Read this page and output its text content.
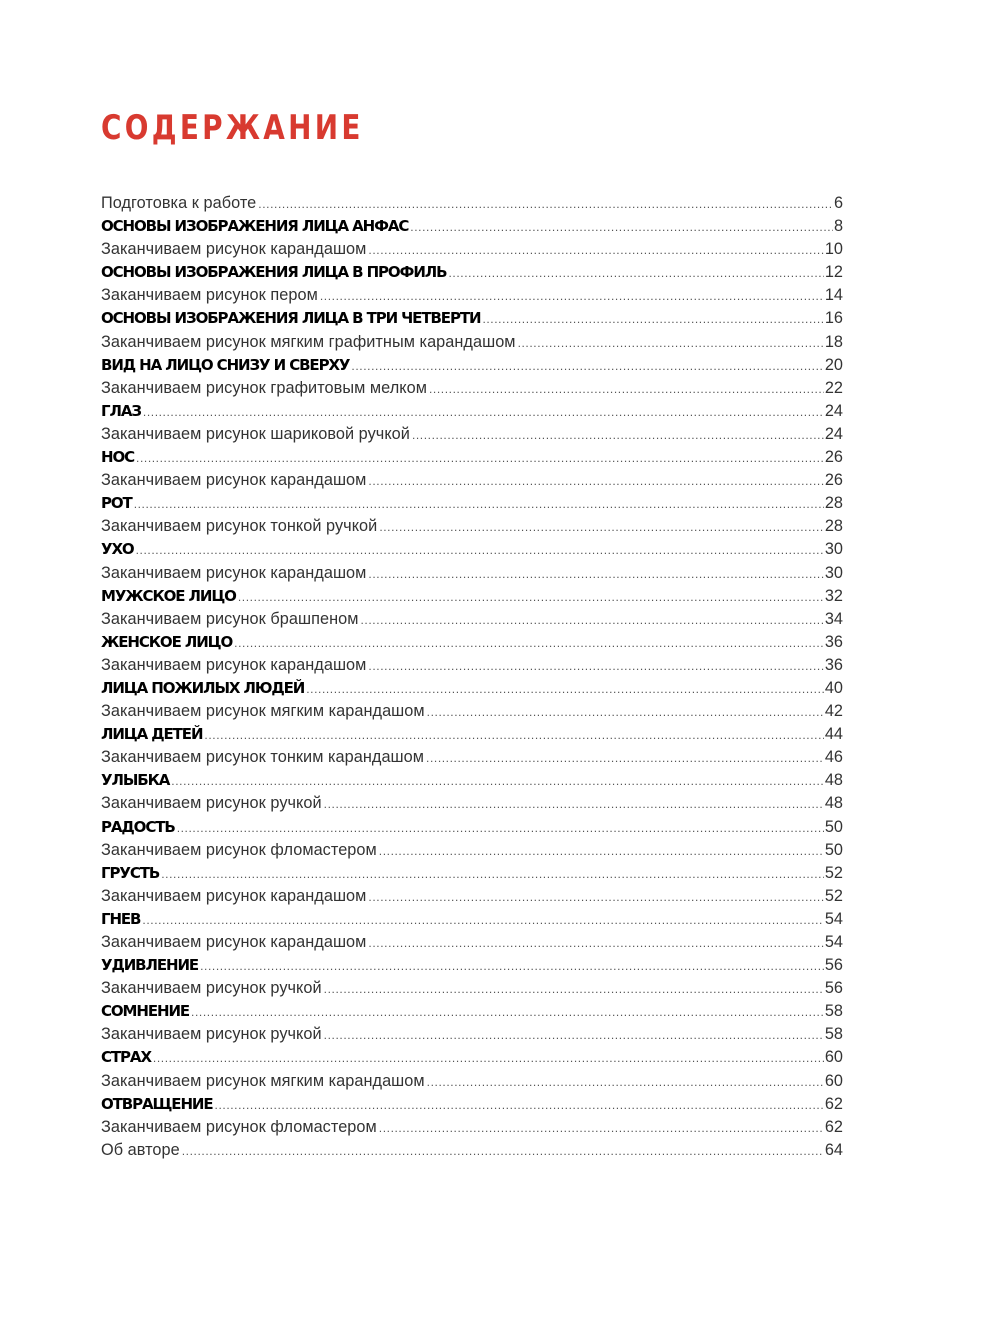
СОДЕРЖАНИЕ
Подготовка к работе .....	6
ОСНОВЫ ИЗОБРАЖЕНИЯ ЛИЦА АНФАС .....	8
Заканчиваем рисунок карандашом .....	10
ОСНОВЫ ИЗОБРАЖЕНИЯ ЛИЦА В ПРОФИЛЬ .....	12
Заканчиваем рисунок пером .....	14
ОСНОВЫ ИЗОБРАЖЕНИЯ ЛИЦА В ТРИ ЧЕТВЕРТИ .....	16
Заканчиваем рисунок мягким графитным карандашом .....	18
ВИД НА ЛИЦО СНИЗУ И СВЕРХУ .....	20
Заканчиваем рисунок графитовым мелком .....	22
ГЛАЗ .....	24
Заканчиваем рисунок шариковой ручкой .....	24
НОС .....	26
Заканчиваем рисунок карандашом .....	26
РОТ .....	28
Заканчиваем рисунок тонкой ручкой .....	28
УХО .....	30
Заканчиваем рисунок карандашом .....	30
МУЖСКОЕ ЛИЦО .....	32
Заканчиваем рисунок брашпеном .....	34
ЖЕНСКОЕ ЛИЦО .....	36
Заканчиваем рисунок карандашом .....	36
ЛИЦА ПОЖИЛЫХ ЛЮДЕЙ .....	40
Заканчиваем рисунок мягким карандашом .....	42
ЛИЦА ДЕТЕЙ .....	44
Заканчиваем рисунок тонким карандашом .....	46
УЛЫБКА .....	48
Заканчиваем рисунок ручкой .....	48
РАДОСТЬ .....	50
Заканчиваем рисунок фломастером .....	50
ГРУСТЬ .....	52
Заканчиваем рисунок карандашом .....	52
ГНЕВ .....	54
Заканчиваем рисунок карандашом .....	54
УДИВЛЕНИЕ .....	56
Заканчиваем рисунок ручкой .....	56
СОМНЕНИЕ .....	58
Заканчиваем рисунок ручкой .....	58
СТРАХ .....	60
Заканчиваем рисунок мягким карандашом .....	60
ОТВРАЩЕНИЕ .....	62
Заканчиваем рисунок фломастером .....	62
Об авторе .....	64
